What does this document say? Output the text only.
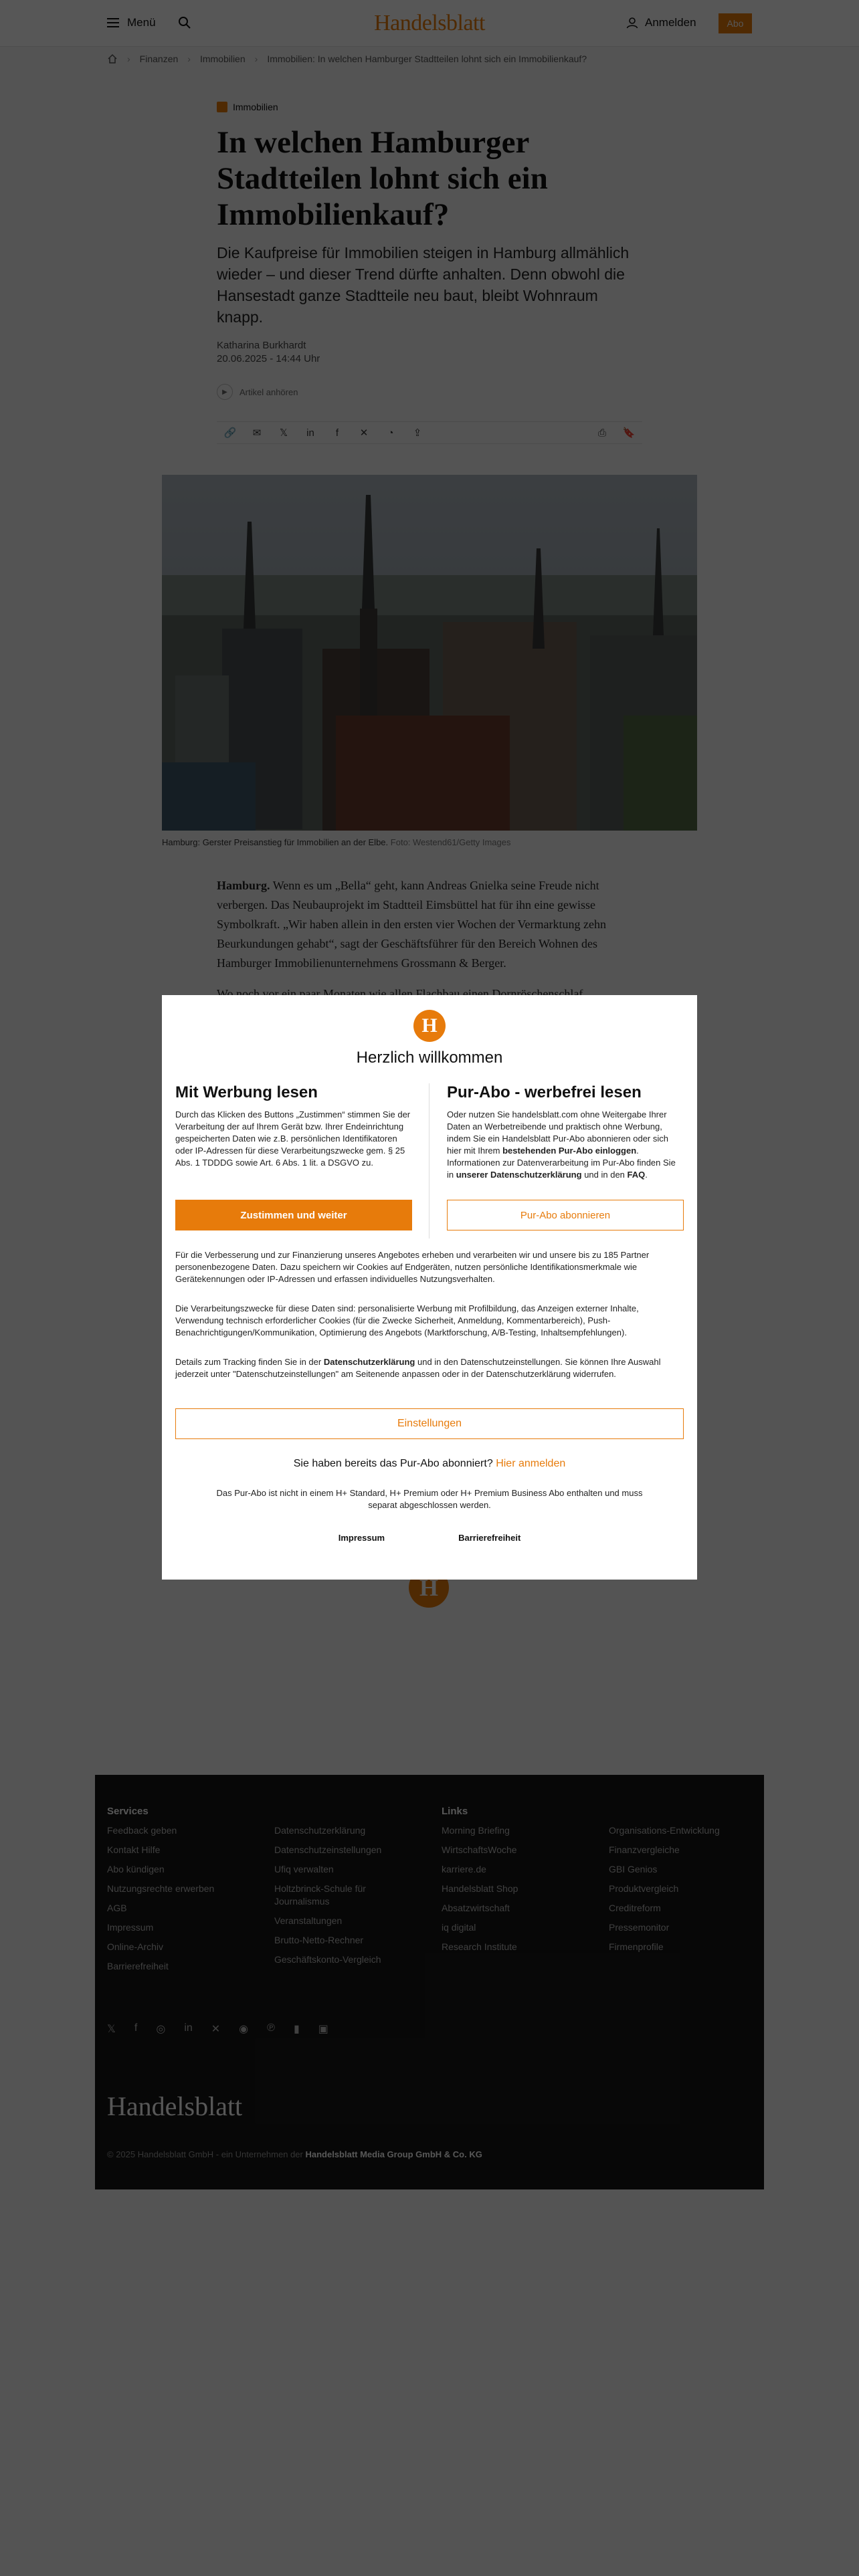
H
Herzlich willkommen
Mit Werbung lesen

Durch das Klicken des Buttons „Zustimmen“ stimmen Sie der Verarbeitung der auf Ihrem Gerät bzw. Ihrer Endeinrichtung gespeicherten Daten wie z.B. persönlichen Identifikatoren oder IP-Adressen für diese Verarbeitungszwecke gem. § 25 Abs. 1 TDDDG sowie Art. 6 Abs. 1 lit. a DSGVO zu.

Pur-Abo - werbefrei lesen

Oder nutzen Sie handelsblatt.com ohne Weitergabe Ihrer Daten an Werbetreibende und praktisch ohne Werbung, indem Sie ein Handelsblatt Pur-Abo abonnieren oder sich hier mit Ihrem bestehenden Pur-Abo einloggen. Informationen zur Datenverarbeitung im Pur-Abo finden Sie in unserer Datenschutzerklärung und in den FAQ.

Zustimmen und weiter	Pur-Abo abonnieren

Für die Verbesserung und zur Finanzierung unseres Angebotes erheben und verarbeiten wir und unsere bis zu 185 Partner personenbezogene Daten. Dazu speichern wir Cookies auf Endgeräten, nutzen persönliche Identifikationsmerkmale wie Gerätekennungen oder IP-Adressen und erfassen individuelles Nutzungsverhalten.

Die Verarbeitungszwecke für diese Daten sind: personalisierte Werbung mit Profilbildung, das Anzeigen externer Inhalte, Verwendung technisch erforderlicher Cookies (für die Zwecke Sicherheit, Anmeldung, Kommentarbereich), Push-Benachrichtigungen/Kommunikation, Optimierung des Angebots (Marktforschung, A/B-Testing, Inhaltsempfehlungen).

Details zum Tracking finden Sie in der Datenschutzerklärung und in den Datenschutzeinstellungen. Sie können Ihre Auswahl jederzeit unter "Datenschutzeinstellungen" am Seitenende anpassen oder in der Datenschutzerklärung widerrufen.

Einstellungen
Sie haben bereits das Pur-Abo abonniert? Hier anmelden

Das Pur-Abo ist nicht in einem H+ Standard, H+ Premium oder H+ Premium Business Abo enthalten und muss separat abgeschlossen werden.

Impressum	Barrierefreiheit
